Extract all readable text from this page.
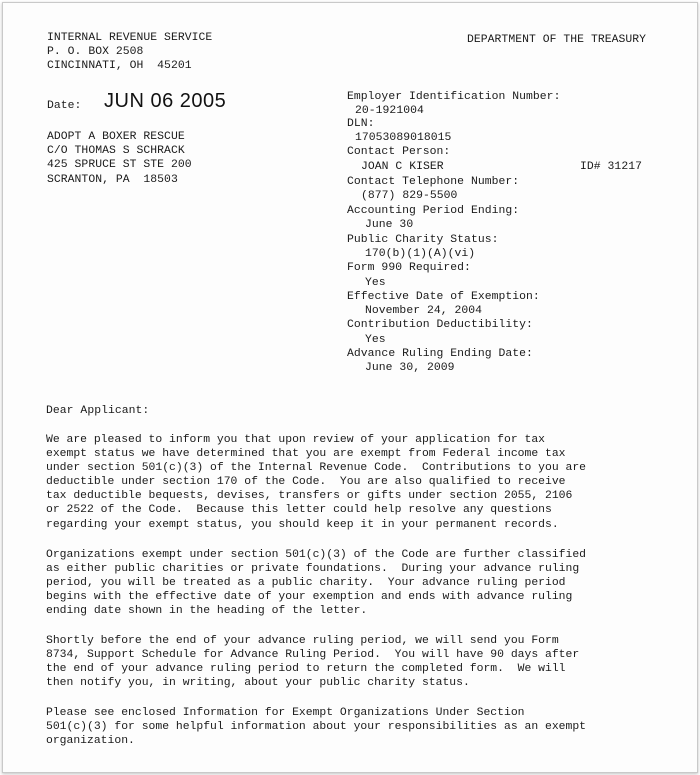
INTERNAL REVENUE SERVICE
P. O. BOX 2508
CINCINNATI, OH  45201
DEPARTMENT OF THE TREASURY
Date: JUN 06 2005
ADOPT A BOXER RESCUE
C/O THOMAS S SCHRACK
425 SPRUCE ST STE 200
SCRANTON, PA  18503
Employer Identification Number:
20-1921004
DLN:
17053089018015
Contact Person:
JOAN C KISER	ID# 31217
Contact Telephone Number:
(877) 829-5500
Accounting Period Ending:
June 30
Public Charity Status:
170(b)(1)(A)(vi)
Form 990 Required:
Yes
Effective Date of Exemption:
November 24, 2004
Contribution Deductibility:
Yes
Advance Ruling Ending Date:
June 30, 2009
Dear Applicant:
We are pleased to inform you that upon review of your application for tax
exempt status we have determined that you are exempt from Federal income tax
under section 501(c)(3) of the Internal Revenue Code.  Contributions to you are
deductible under section 170 of the Code.  You are also qualified to receive
tax deductible bequests, devises, transfers or gifts under section 2055, 2106
or 2522 of the Code.  Because this letter could help resolve any questions
regarding your exempt status, you should keep it in your permanent records.
Organizations exempt under section 501(c)(3) of the Code are further classified
as either public charities or private foundations.  During your advance ruling
period, you will be treated as a public charity.  Your advance ruling period
begins with the effective date of your exemption and ends with advance ruling
ending date shown in the heading of the letter.
Shortly before the end of your advance ruling period, we will send you Form
8734, Support Schedule for Advance Ruling Period.  You will have 90 days after
the end of your advance ruling period to return the completed form.  We will
then notify you, in writing, about your public charity status.
Please see enclosed Information for Exempt Organizations Under Section
501(c)(3) for some helpful information about your responsibilities as an exempt
organization.
